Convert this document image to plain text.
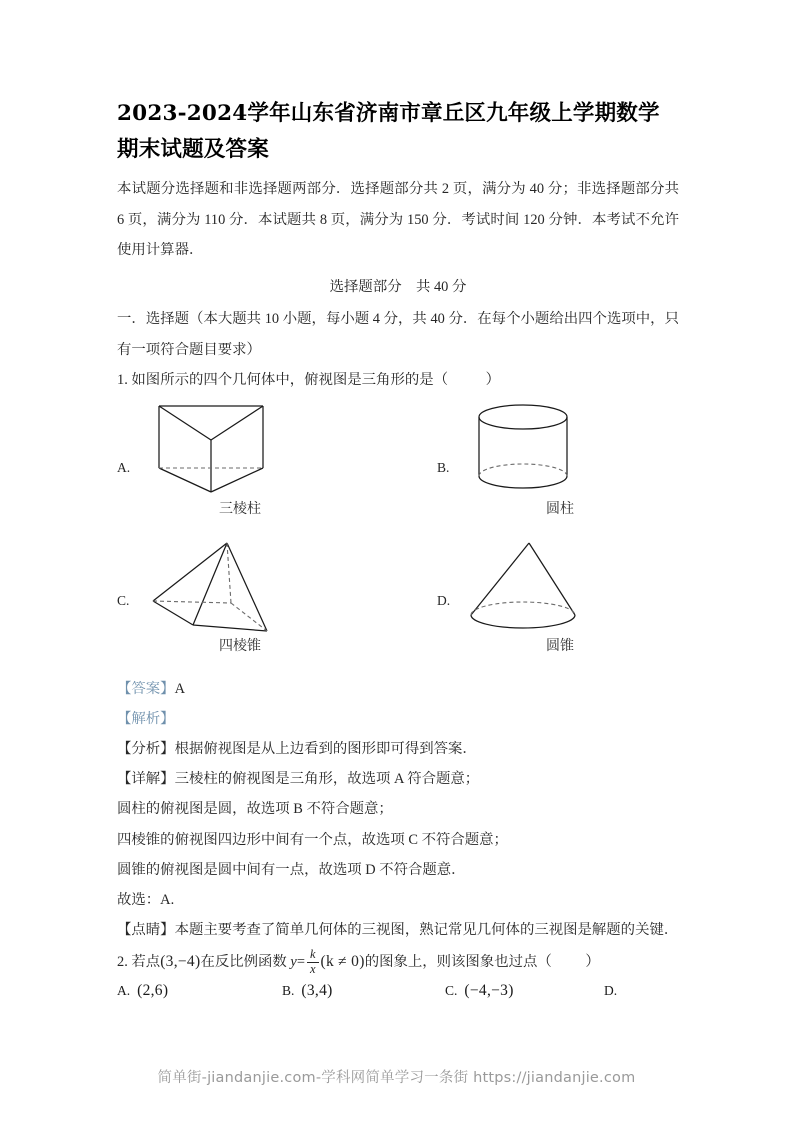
2023-2024学年山东省济南市章丘区九年级上学期数学期末试题及答案

本试题分选择题和非选择题两部分．选择题部分共 2 页，满分为 40 分；非选择题部分共 6 页，满分为 110 分．本试题共 8 页，满分为 150 分．考试时间 120 分钟．本考试不允许使用计算器．

选择题部分　共 40 分

一．选择题（本大题共 10 小题，每小题 4 分，共 40 分．在每个小题给出四个选项中，只有一项符合题目要求）

1. 如图所示的四个几何体中，俯视图是三角形的是（	）

A.
三棱柱
B.
圆柱
C.
四棱锥
D.
圆锥

【答案】A

【解析】

【分析】根据俯视图是从上边看到的图形即可得到答案．

【详解】三棱柱的俯视图是三角形，故选项 A 符合题意；

圆柱的俯视图是圆，故选项 B 不符合题意；

四棱锥的俯视图四边形中间有一个点，故选项 C 不符合题意；

圆锥的俯视图是圆中间有一点，故选项 D 不符合题意．

故选：A.

【点睛】本题主要考查了简单几何体的三视图，熟记常见几何体的三视图是解题的关键．

2. 若点(3,−4)在反比例函数 $y= \frac{k}{x} (k \ne 0)$的图象上，则该图象也过点（ ）

A. (2,6)	B. (3,4)	C. (−4,−3)	D.
简单街-jiandanjie.com-学科网简单学习一条街 https://jiandanjie.com
